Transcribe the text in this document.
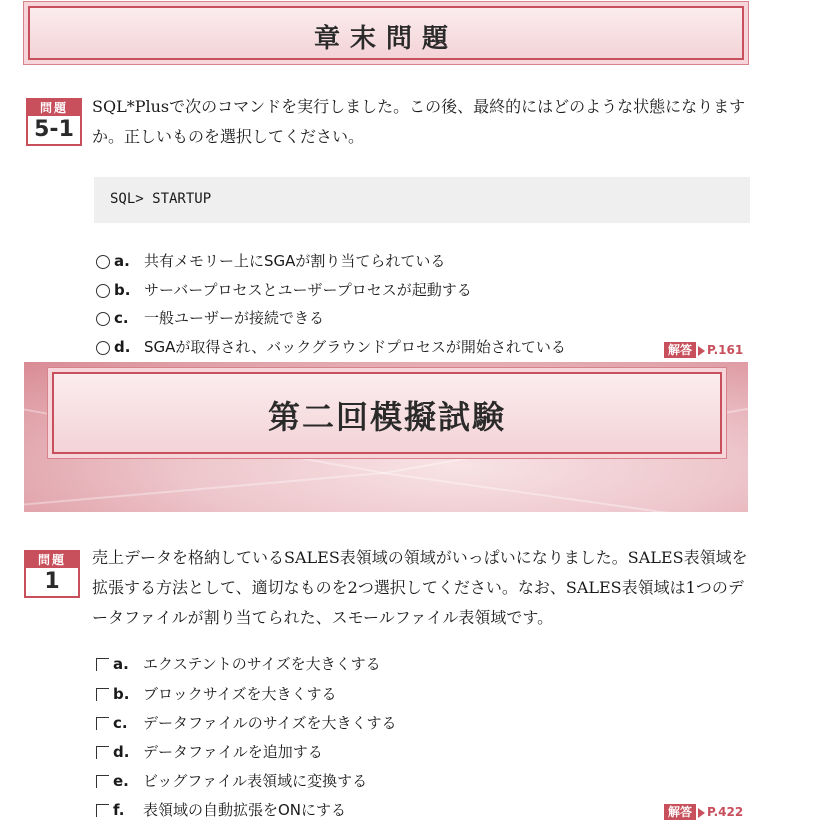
章末問題
問題
5-1
SQL*Plusで次のコマンドを実行しました。この後、最終的にはどのような状態になりますか。正しいものを選択してください。
SQL> STARTUP
a. 共有メモリー上にSGAが割り当てられている
b. サーバープロセスとユーザープロセスが起動する
c. 一般ユーザーが接続できる
d. SGAが取得され、バックグラウンドプロセスが開始されている	解答 P.161
第二回模擬試験
問題
1
売上データを格納しているSALES表領域の領域がいっぱいになりました。SALES表領域を拡張する方法として、適切なものを2つ選択してください。なお、SALES表領域は1つのデータファイルが割り当てられた、スモールファイル表領域です。
a. エクステントのサイズを大きくする
b. ブロックサイズを大きくする
c. データファイルのサイズを大きくする
d. データファイルを追加する
e. ビッグファイル表領域に変換する
f. 表領域の自動拡張をONにする	解答 P.422
